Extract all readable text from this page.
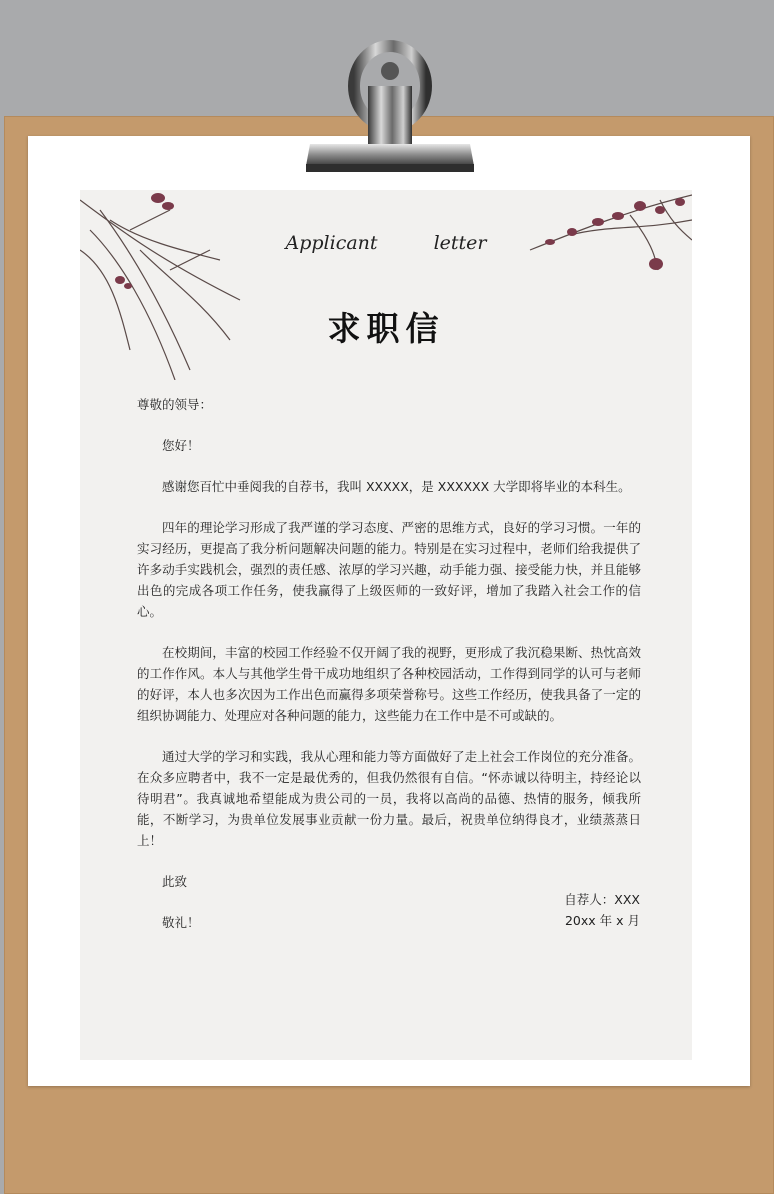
Applicant	letter
求职信

尊敬的领导：

您好！

感谢您百忙中垂阅我的自荐书，我叫 XXXXX，是 XXXXXX 大学即将毕业的本科生。

四年的理论学习形成了我严谨的学习态度、严密的思维方式，良好的学习习惯。一年的实习经历，更提高了我分析问题解决问题的能力。特别是在实习过程中，老师们给我提供了许多动手实践机会，强烈的责任感、浓厚的学习兴趣，动手能力强、接受能力快，并且能够出色的完成各项工作任务，使我赢得了上级医师的一致好评，增加了我踏入社会工作的信心。

在校期间，丰富的校园工作经验不仅开阔了我的视野，更形成了我沉稳果断、热忱高效的工作作风。本人与其他学生骨干成功地组织了各种校园活动，工作得到同学的认可与老师的好评，本人也多次因为工作出色而赢得多项荣誉称号。这些工作经历，使我具备了一定的组织协调能力、处理应对各种问题的能力，这些能力在工作中是不可或缺的。

通过大学的学习和实践，我从心理和能力等方面做好了走上社会工作岗位的充分准备。在众多应聘者中，我不一定是最优秀的，但我仍然很有自信。“怀赤诚以待明主，持经论以待明君”。我真诚地希望能成为贵公司的一员，我将以高尚的品德、热情的服务，倾我所能，不断学习，为贵单位发展事业贡献一份力量。最后，祝贵单位纳得良才，业绩蒸蒸日上！

此致

敬礼！

自荐人：XXX
20xx 年 x 月
